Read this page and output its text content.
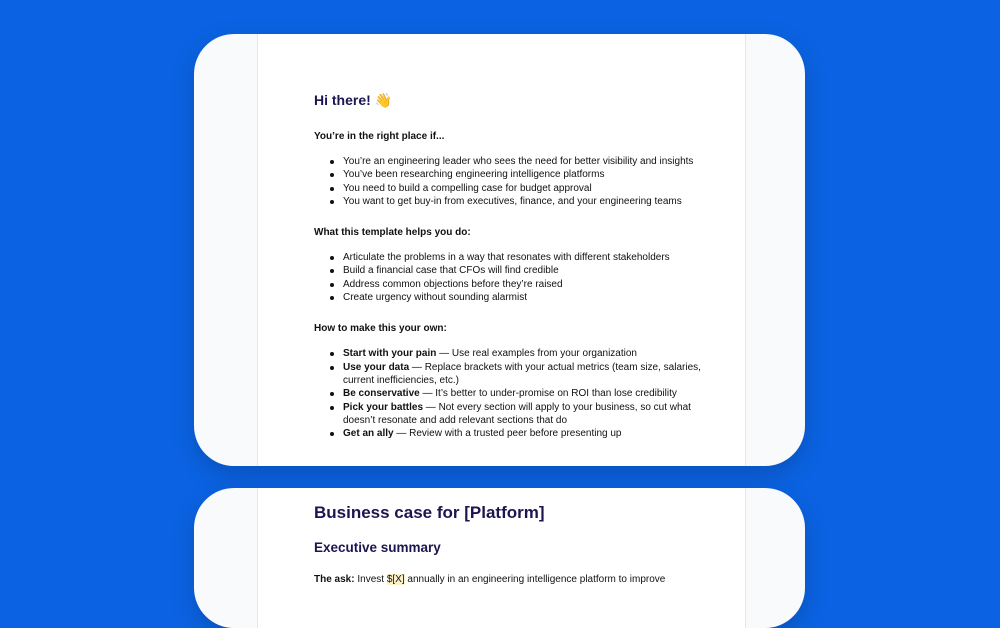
Hi there! 👋
You’re in the right place if...
You’re an engineering leader who sees the need for better visibility and insights
You’ve been researching engineering intelligence platforms
You need to build a compelling case for budget approval
You want to get buy-in from executives, finance, and your engineering teams
What this template helps you do:
Articulate the problems in a way that resonates with different stakeholders
Build a financial case that CFOs will find credible
Address common objections before they’re raised
Create urgency without sounding alarmist
How to make this your own:
Start with your pain — Use real examples from your organization
Use your data — Replace brackets with your actual metrics (team size, salaries, current inefficiencies, etc.)
Be conservative — It’s better to under-promise on ROI than lose credibility
Pick your battles — Not every section will apply to your business, so cut what doesn’t resonate and add relevant sections that do
Get an ally — Review with a trusted peer before presenting up
Business case for [Platform]
Executive summary
The ask: Invest $[X] annually in an engineering intelligence platform to improve
